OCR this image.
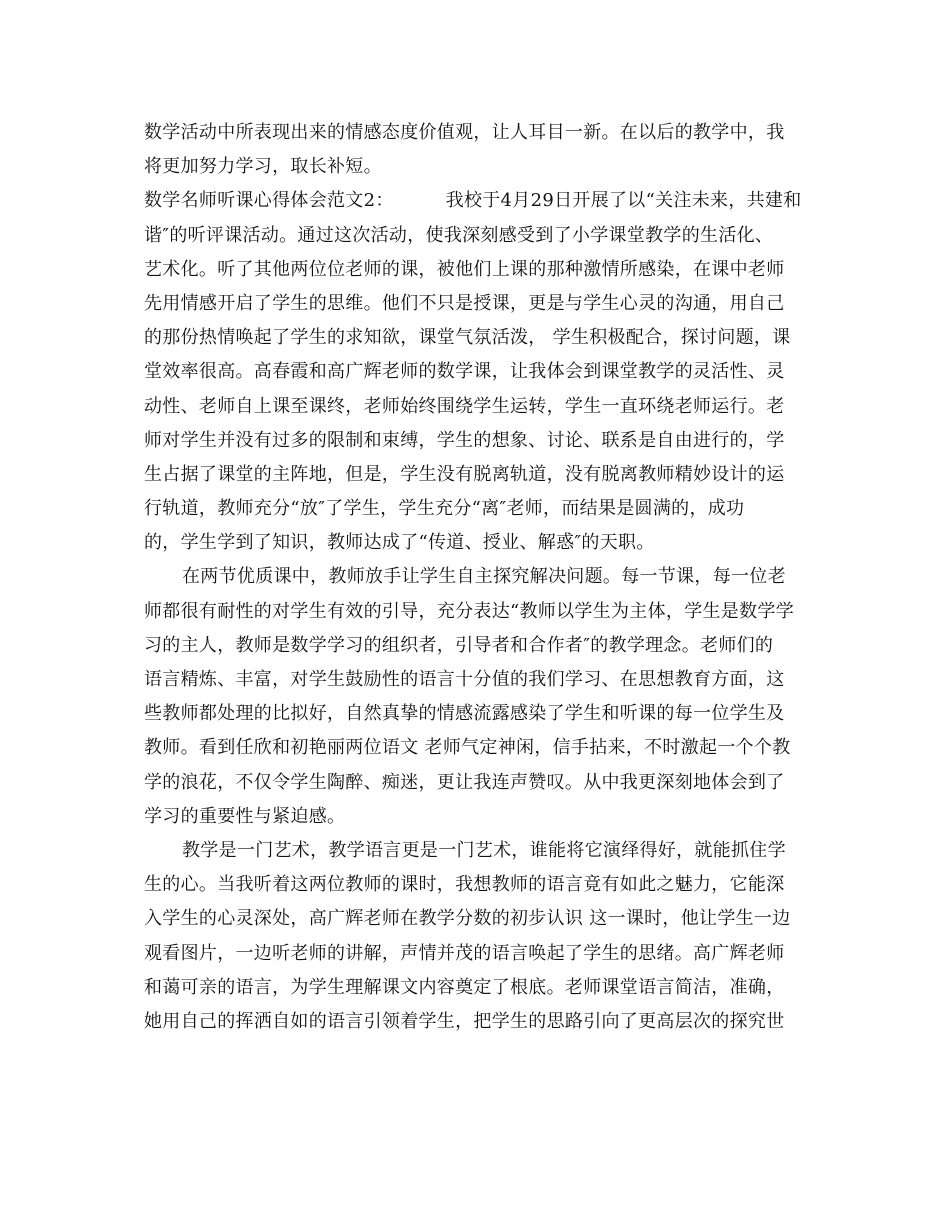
数学活动中所表现出来的情感态度价值观，让人耳目一新。在以后的教学中，我
将更加努力学习，取长补短。
数学名师听课心得体会范文2：	我校于4月29日开展了以“关注未来，共建和
谐″的听评课活动。通过这次活动，使我深刻感受到了小学课堂教学的生活化、
艺术化。听了其他两位位老师的课，被他们上课的那种激情所感染，在课中老师
先用情感开启了学生的思维。他们不只是授课，更是与学生心灵的沟通，用自己
的那份热情唤起了学生的求知欲，课堂气氛活泼， 学生积极配合，探讨问题，课
堂效率很高。高春霞和高广辉老师的数学课，让我体会到课堂教学的灵活性、灵
动性、老师自上课至课终，老师始终围绕学生运转，学生一直环绕老师运行。老
师对学生并没有过多的限制和束缚，学生的想象、讨论、联系是自由进行的，学
生占据了课堂的主阵地，但是，学生没有脱离轨道，没有脱离教师精妙设计的运
行轨道，教师充分“放″了学生，学生充分“离″老师，而结果是圆满的，成功
的，学生学到了知识，教师达成了“传道、授业、解惑″的天职。
在两节优质课中，教师放手让学生自主探究解决问题。每一节课，每一位老
师都很有耐性的对学生有效的引导，充分表达“教师以学生为主体，学生是数学学
习的主人，教师是数学学习的组织者，引导者和合作者″的教学理念。老师们的
语言精炼、丰富，对学生鼓励性的语言十分值的我们学习、在思想教育方面，这
些教师都处理的比拟好，自然真挚的情感流露感染了学生和听课的每一位学生及
教师。看到任欣和初艳丽两位语文 老师气定神闲，信手拈来，不时激起一个个教
学的浪花，不仅令学生陶醉、痴迷，更让我连声赞叹。从中我更深刻地体会到了
学习的重要性与紧迫感。
教学是一门艺术，教学语言更是一门艺术，谁能将它演绎得好，就能抓住学
生的心。当我听着这两位教师的课时，我想教师的语言竟有如此之魅力，它能深
入学生的心灵深处，高广辉老师在教学分数的初步认识 这一课时，他让学生一边
观看图片，一边听老师的讲解，声情并茂的语言唤起了学生的思绪。高广辉老师
和蔼可亲的语言，为学生理解课文内容奠定了根底。老师课堂语言简洁，准确，
她用自己的挥洒自如的语言引领着学生，把学生的思路引向了更高层次的探究世
